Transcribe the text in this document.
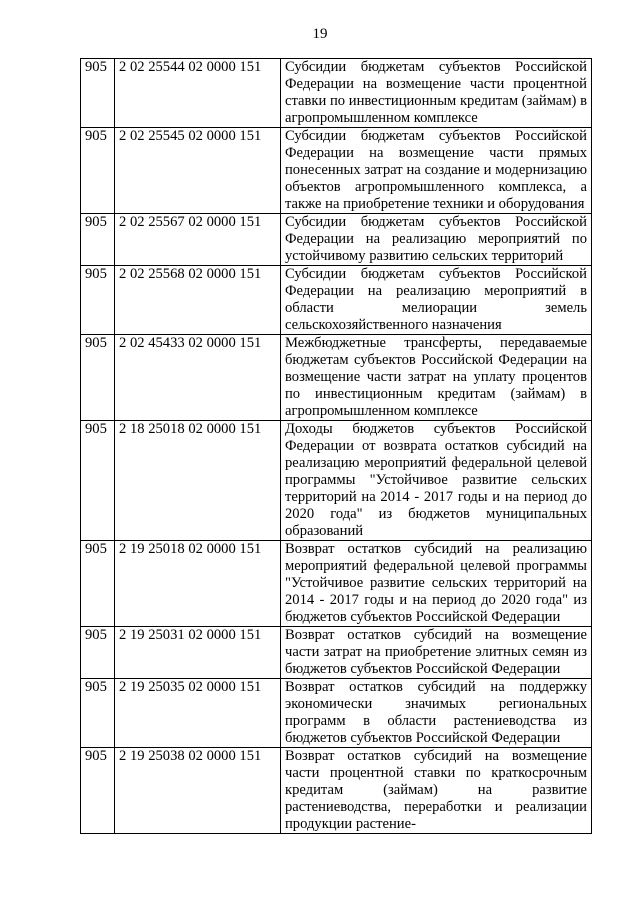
19
905	2 02 25544 02 0000 151	Субсидии бюджетам субъектов Российской Федерации на возмещение части процентной ставки по инвестиционным кредитам (займам) в агропромышленном комплексе
905	2 02 25545 02 0000 151	Субсидии бюджетам субъектов Российской Федерации на возмещение части прямых понесенных затрат на создание и модернизацию объектов агропромышленного комплекса, а также на приобретение техники и оборудования
905	2 02 25567 02 0000 151	Субсидии бюджетам субъектов Российской Федерации на реализацию мероприятий по устойчивому развитию сельских территорий
905	2 02 25568 02 0000 151	Субсидии бюджетам субъектов Российской Федерации на реализацию мероприятий в области мелиорации земель сельскохозяйственного назначения
905	2 02 45433 02 0000 151	Межбюджетные трансферты, передаваемые бюджетам субъектов Российской Федерации на возмещение части затрат на уплату процентов по инвестиционным кредитам (займам) в агропромышленном комплексе
905	2 18 25018 02 0000 151	Доходы бюджетов субъектов Российской Федерации от возврата остатков субсидий на реализацию мероприятий федеральной целевой программы "Устойчивое развитие сельских территорий на 2014 - 2017 годы и на период до 2020 года" из бюджетов муниципальных образований
905	2 19 25018 02 0000 151	Возврат остатков субсидий на реализацию мероприятий федеральной целевой программы "Устойчивое развитие сельских территорий на 2014 - 2017 годы и на период до 2020 года" из бюджетов субъектов Российской Федерации
905	2 19 25031 02 0000 151	Возврат остатков субсидий на возмещение части затрат на приобретение элитных семян из бюджетов субъектов Российской Федерации
905	2 19 25035 02 0000 151	Возврат остатков субсидий на поддержку экономически значимых региональных программ в области растениеводства из бюджетов субъектов Российской Федерации
905	2 19 25038 02 0000 151	Возврат остатков субсидий на возмещение части процентной ставки по краткосрочным кредитам (займам) на развитие растениеводства, переработки и реализации продукции растение-
